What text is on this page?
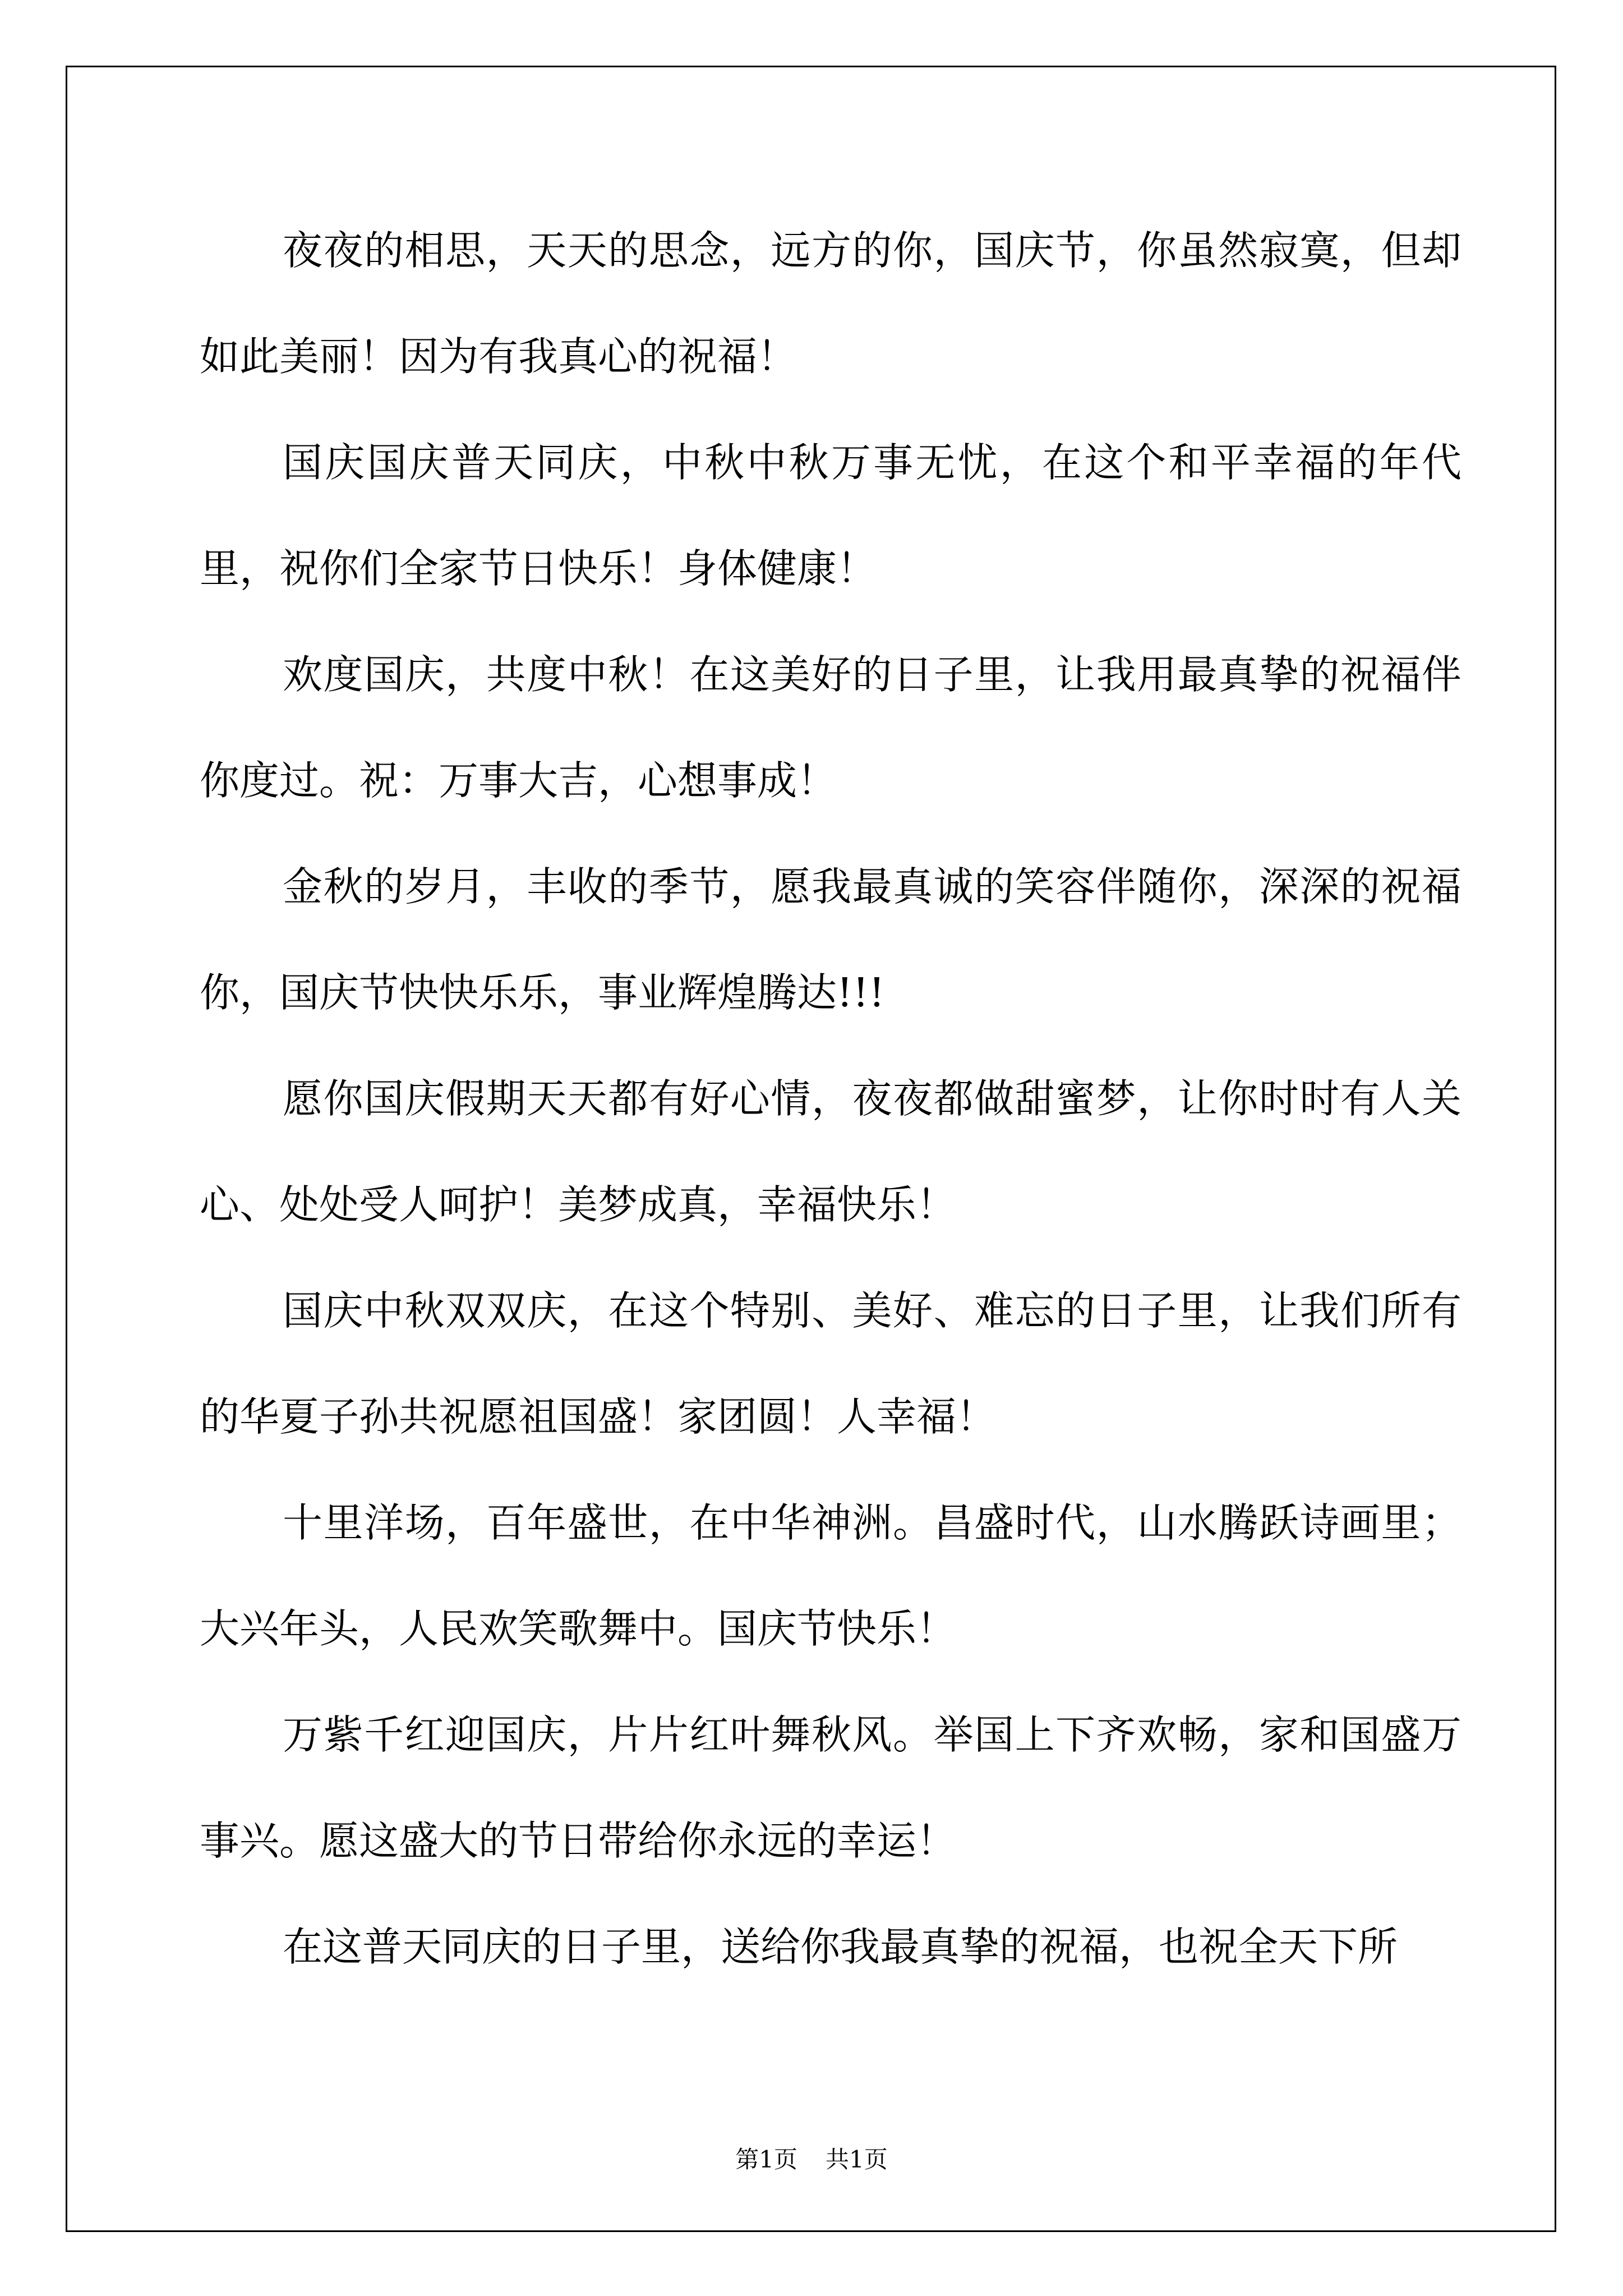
夜夜的相思，天天的思念，远方的你，国庆节，你虽然寂寞，但却如此美丽！因为有我真心的祝福！

国庆国庆普天同庆，中秋中秋万事无忧，在这个和平幸福的年代里，祝你们全家节日快乐！身体健康！

欢度国庆，共度中秋！在这美好的日子里，让我用最真挚的祝福伴你度过。祝：万事大吉，心想事成！

金秋的岁月，丰收的季节，愿我最真诚的笑容伴随你，深深的祝福你，国庆节快快乐乐，事业辉煌腾达!!!

愿你国庆假期天天都有好心情，夜夜都做甜蜜梦，让你时时有人关心、处处受人呵护！美梦成真，幸福快乐！

国庆中秋双双庆，在这个特别、美好、难忘的日子里，让我们所有的华夏子孙共祝愿祖国盛！家团圆！人幸福！

十里洋场，百年盛世，在中华神洲。昌盛时代，山水腾跃诗画里；大兴年头，人民欢笑歌舞中。国庆节快乐！

万紫千红迎国庆，片片红叶舞秋风。举国上下齐欢畅，家和国盛万事兴。愿这盛大的节日带给你永远的幸运！

在这普天同庆的日子里，送给你我最真挚的祝福，也祝全天下所

第1页 共1页
